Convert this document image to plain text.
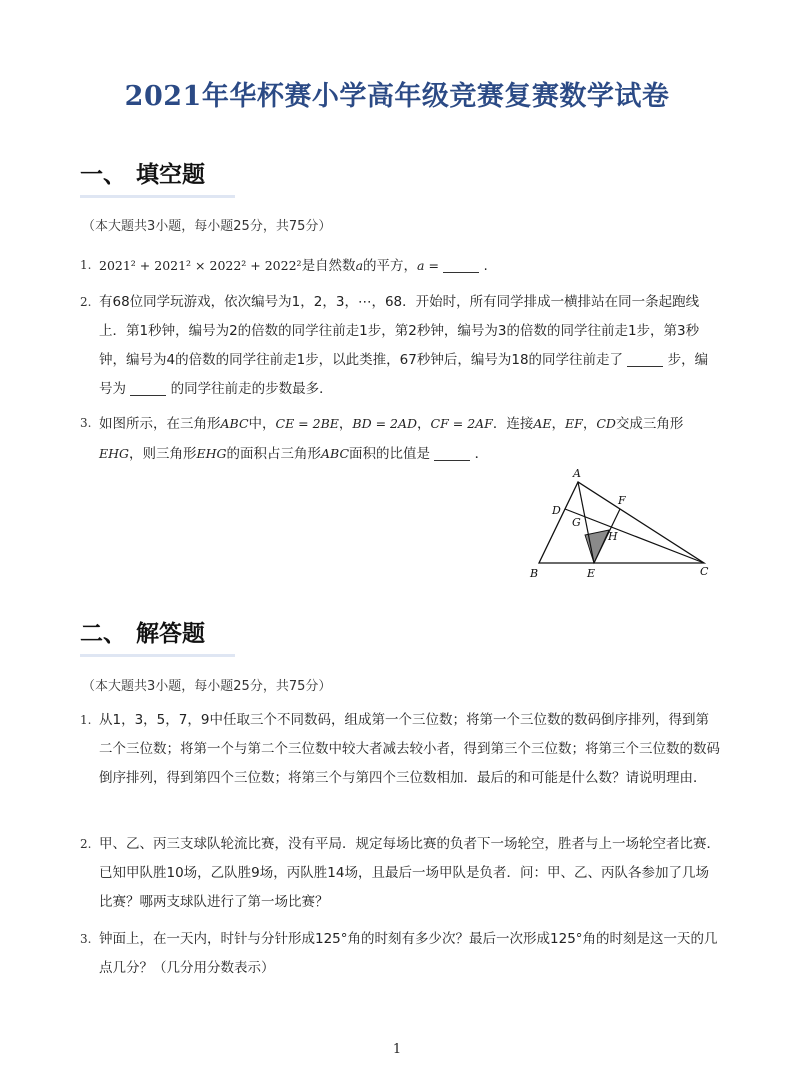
2021年华杯赛小学高年级竞赛复赛数学试卷
一、 填空题
（本大题共3小题，每小题25分，共75分）
1. 2021² + 2021² × 2022² + 2022²是自然数a的平方，a =	.
2. 有68位同学玩游戏，依次编号为1，2，3，⋯，68．开始时，所有同学排成一横排站在同一条起跑线上．第1秒钟，编号为2的倍数的同学往前走1步，第2秒钟，编号为3的倍数的同学往前走1步，第3秒钟，编号为4的倍数的同学往前走1步，以此类推，67秒钟后，编号为18的同学往前走了	步，编号为	的同学往前走的步数最多．
3. 如图所示，在三角形ABC中，CE = 2BE，BD = 2AD，CF = 2AF．连接AE，EF，CD交成三角形
EHG，则三角形EHG的面积占三角形ABC面积的比值是	．
A
B	C
D
E
F
G
H
二、 解答题
（本大题共3小题，每小题25分，共75分）
1. 从1，3，5，7，9中任取三个不同数码，组成第一个三位数；将第一个三位数的数码倒序排列，得到第二个三位数；将第一个与第二个三位数中较大者减去较小者，得到第三个三位数；将第三个三位数的数码倒序排列，得到第四个三位数；将第三个与第四个三位数相加．最后的和可能是什么数？请说明理由．
2. 甲、乙、丙三支球队轮流比赛，没有平局．规定每场比赛的负者下一场轮空，胜者与上一场轮空者比赛．已知甲队胜10场，乙队胜9场，丙队胜14场，且最后一场甲队是负者．问：甲、乙、丙队各参加了几场比赛？哪两支球队进行了第一场比赛？
3. 钟面上，在一天内，时针与分针形成125°角的时刻有多少次？最后一次形成125°角的时刻是这一天的几点几分？（几分用分数表示）
1
